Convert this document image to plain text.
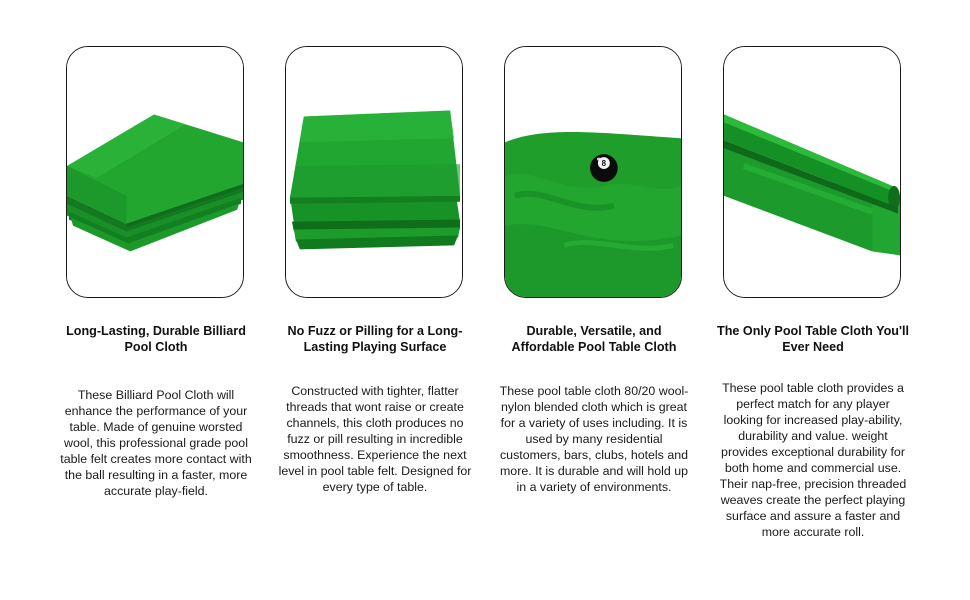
Long-Lasting, Durable Billiard Pool Cloth
These Billiard Pool Cloth will enhance the performance of your table. Made of genuine worsted wool, this professional grade pool table felt creates more contact with the ball resulting in a faster, more accurate play-field.
No Fuzz or Pilling for a Long-Lasting Playing Surface
Constructed with tighter, flatter threads that wont raise or create channels, this cloth produces no fuzz or pill resulting in incredible smoothness. Experience the next level in pool table felt. Designed for every type of table.
8
Durable, Versatile, and Affordable Pool Table Cloth
These pool table cloth 80/20 wool-nylon blended cloth which is great for a variety of uses including. It is used by many residential customers, bars, clubs, hotels and more. It is durable and will hold up in a variety of environments.
The Only Pool Table Cloth You'll Ever Need
These pool table cloth provides a perfect match for any player looking for increased play-ability, durability and value. weight provides exceptional durability for both home and commercial use. Their nap-free, precision threaded weaves create the perfect playing surface and assure a faster and more accurate roll.
